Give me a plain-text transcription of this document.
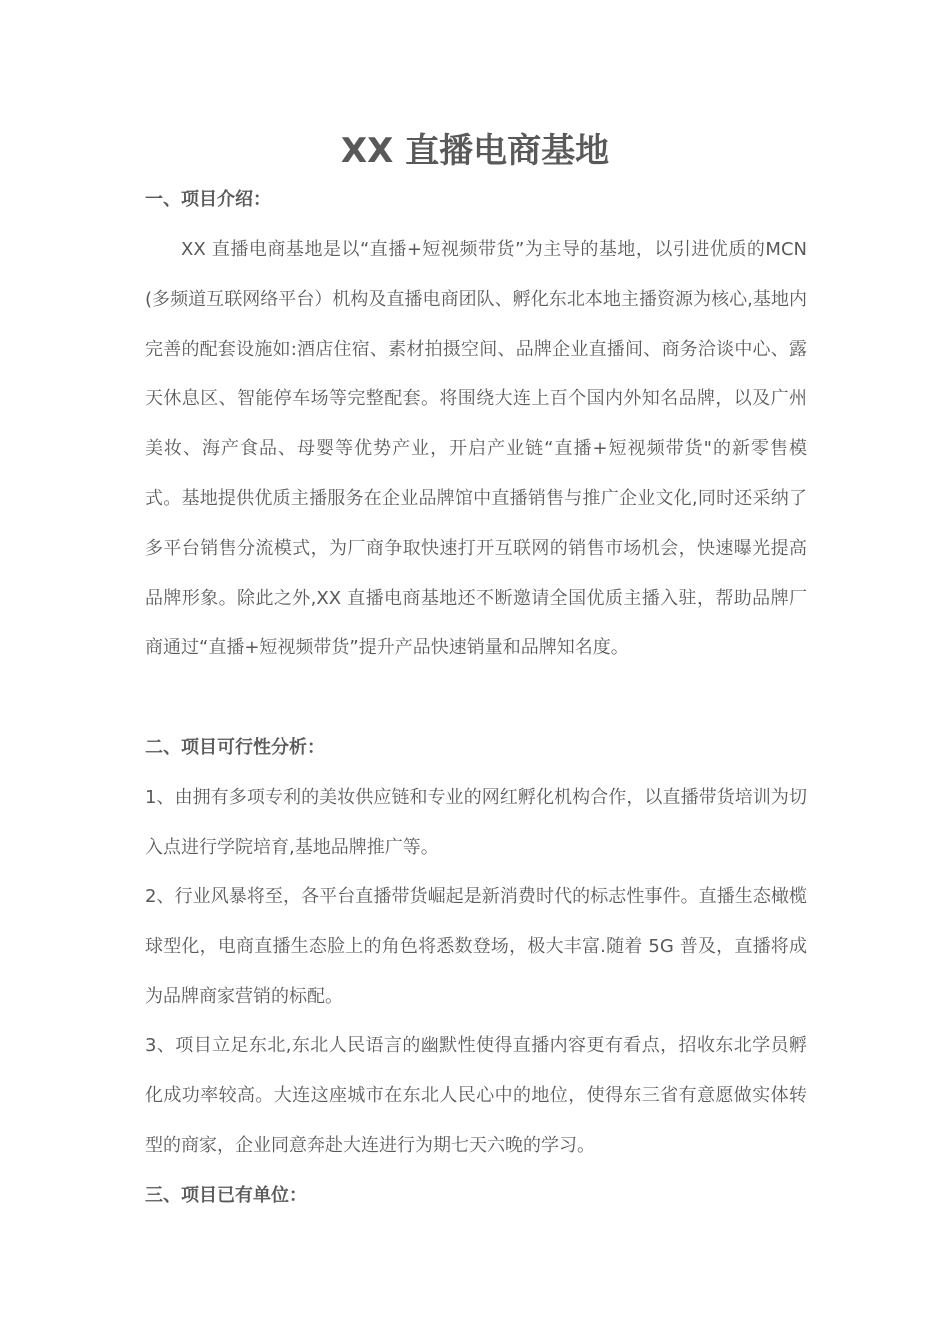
XX 直播电商基地
一、项目介绍：

XX 直播电商基地是以“直播+短视频带货”为主导的基地，以引进优质的MCN(多频道互联网络平台）机构及直播电商团队、孵化东北本地主播资源为核心,基地内完善的配套设施如:酒店住宿、素材拍摄空间、品牌企业直播间、商务洽谈中心、露天休息区、智能停车场等完整配套。将围绕大连上百个国内外知名品牌，以及广州美妆、海产食品、母婴等优势产业，开启产业链“直播+短视频带货"的新零售模式。基地提供优质主播服务在企业品牌馆中直播销售与推广企业文化,同时还采纳了多平台销售分流模式，为厂商争取快速打开互联网的销售市场机会，快速曝光提高品牌形象。除此之外,XX 直播电商基地还不断邀请全国优质主播入驻，帮助品牌厂商通过“直播+短视频带货”提升产品快速销量和品牌知名度。

二、项目可行性分析：

1、由拥有多项专利的美妆供应链和专业的网红孵化机构合作，以直播带货培训为切入点进行学院培育,基地品牌推广等。

2、行业风暴将至，各平台直播带货崛起是新消费时代的标志性事件。直播生态橄榄球型化，电商直播生态脸上的角色将悉数登场，极大丰富.随着 5G 普及，直播将成为品牌商家营销的标配。

3、项目立足东北,东北人民语言的幽默性使得直播内容更有看点，招收东北学员孵化成功率较高。大连这座城市在东北人民心中的地位，使得东三省有意愿做实体转型的商家，企业同意奔赴大连进行为期七天六晚的学习。

三、项目已有单位：
